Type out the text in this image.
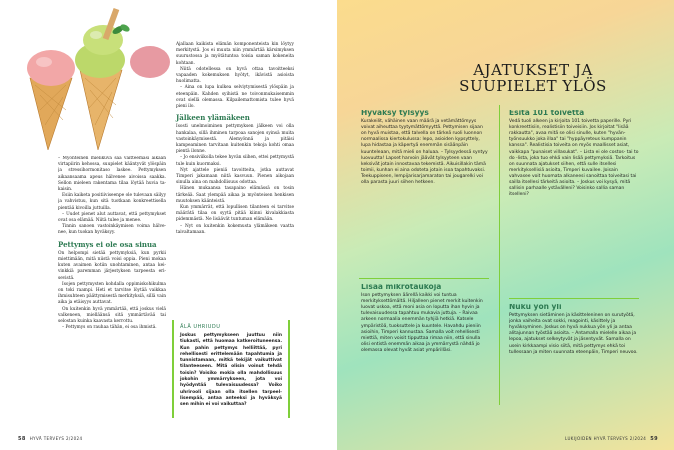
Ajallaan kaikista elämän komponenteista kin löytyy merkitystä. Jos ei muuta niin ymmärtää kärsimyksen suurustossa ja myötätuntoa toisia saman kokeneita kohtaan.

Niitä odotellessa on hyvä ottaa tavoitteeksi vapaaden kokemuksen hyötyt, ikävistä asioista huolimatta.

– Aina on lupa kulkea selviytymisestä ylöspäin ja eteenpäin. Kahden syihistä ne toivonmukaisemmin ovat siellä olemassa. Kilpailemattomista tulee hyvä pieni ilo.

Jälkeen ylämäkeen

Isosti unelmoiminen pettymyksen jälkeen voi olla hankalaa, sillä ihminen tarpoaa sanojen syinsä muita vastoinkäymisestä. Alemyönnä ja pitäisi kampeaminen tarvitaan kuitenkin tekoja kohti omaa pientä ilonne.

– Jo ensiviikolla tekee hyvän siihen, ettei pettymystä tule kuin kuormaksi.

Nyt ajattele pieniä tavoitteita, jotka auttavat Timperi jakamaan niitä kasvuun. Pienen aikojaan sinulla aina on mahdollisuus odottaa.

Hänen mukaansa tasapaino elämässä on tosin tärkeää. Saat ylempää aikaa ja myönteisen henkisen muutoksen käänteistä.

Kun ymmärrät, että lopullisen tilanteen ei tarvitse määrätä tilaa on syytä pitää kiinni kivalakkiasta pidemmästä. Ne lisäävät tuntuman elämään.

– Nyt on kuitenkin kokemusta ylämäkeen vaatta taivaltamaan.

– Myönteinen mielikuva saa väitteemäsi aikaan virtapiirin kehossa, suupielet kääntyvät ylöspäin ja stressihormonitaso laskee. Pettymyksen aikaansaama apeus hälvenee aivoissa saakka. Sellon mieleen rakentama tilaa löytää huvia takaisin.

Esiin kaiketa positiiviseenpe ole tulevaan säilyy ja vahvistuu, kun sitä tuotkaan konkreettisella pientää kivoilla juttuilla.

– Uudet pienet alut auttavat, että pettymykset ovat osa elämää. Niitä tulee ja menee.

Tinnin sanoen vastoinkäymisen voima hälvenee, kun tuokan hyväksyy.

Pettymys ei ole osa sinua

On helpompi sietää pettymyksiä, kun pyrkii miettimään, mitä niistä voisi oppia. Pieni mokaa kuten avaimen kotiin unohtaminen, antaa keivinkkiä paremman järjestyksen tarpeesta erisevistä.

Isojen pettymysten kohdalla oppimiskohikulma on toki raampi. Heti et tarvitse löytää vaikkaa ihmisuhteen päättymisestä merkityksiä, sillä vain aika ja etäisyys auttavat.

On kuitenkin hyvä ymmärtää, että joskus vielä valkeneen, mielläänsä sitä ymmärtävää tai selostan kuinka kaavasta kerrottu.

– Pettymys on rauhaa tähän, ei osa ihmistä.	ÄLÄ UHRIUDU
Joskus pettymykseen juuttuu niin tiukasti, että huomaa katkeroituneensa. Kun pahin pettymys helliittää, pyri rehellisesti erittelemään tapahtumia ja tunnistamaan, mitkä tekijät vaikuttivat tilanteeseen. Mitä olisin voinut tehdä toisin? Voisiko mokia olla mahdollisuus jokohin ymmärrykseen, jota voi hyödyntää tulevaisuudessa? Voiko uhrirooli sijaan olla itsellen tarpeellisempää, antaa anteeksi ja hyväksyä sen mihin ei voi vaikuttaa?
58 HYVÄ TERVEYS 2/2024
AJATUKSET JA
SUUPIELET YLÖS
Hyväksy tylsyys

Kurakeilit, vähäinen vaan määrä ja vetämättömyys voivat aiheuttaa tyytymättömyyttä. Pettymisen sijaan on hyvä muistaa, että talvella on tärkeä ruoli luonnon normaalissa kiertokulussa: lepo, asioiden kypsyttely, lupa hidastaa ja käpertyä enemmän sisäänpäin kuunteleaan, mitä mieli on haluaa. – Tylsyydessä syntyy luovuutta! Lapset harvoin jäävät tylsyyteen vaan keksivät jotain innostavaa tekemistä. Aikuisillakin tämä toimii, kunhan ei aina odoteta jotain isoa tapahtuvaksi. Teekuppiseen, lempijarisarjamaraton tai jougarelki voi olla parasta juuri siihen hetkeen.

Esitä 101 toivetta

Vedä tuoli alkeen ja kirjoita 101 toivetta paperille. Pyri konkreettisiin, realistisiin toiveisiin. Jos kirjoitat "lisää rakkautta", avaa mitä se olisi sinulle, kuten "hyväntyönsuukko joka illaa" tai "hyppäyreteus kumppanin kanssa". Realistisia toiveita on myös maallisset asiat, vaikkapa "punaiset villasukat". – Lista ei ole costos- tai to do -lista, joka tuo ehkä vain lisää pettymyksiä. Tarkoitus on suunnata ajatukset siihen, että sulle itsellesi merkityksellisiä asioita, Timperi kuvailee. Joisain vahvasee voit huomata alkaneesi sanoittaa toiveitasi tai saillа itsellesi tärkeitä asioita. – Joskus voi kysyä, mitä sallisin parhaalle ystävälleni? Voisinko sallia saman itselleni?

Lisää mikrotaukoja

Ison pettymyksen äärellä kaikki voi tuntua merkityksettömältä. Hiljalleen pienet merkit kuitenkin luovat uskoa, että moni asia on loputta ihan hyvin ja tulevaisuudessa tapahtuu mukavia juttuja. – Raivaa arkeen normaalia enemmän tyhjiä hetkiä. Katsele ympäristöä, tuoksuttele ja kuuntele. Havahdu pieniin asioihin, Timperi kannustaa. Samalla voit rehellisesti miettiä, miten voisit tipputtaa rimaa niin, että sinulla olisi entistä enemmän aikaa ja ymmärrystä nähdä jo olemassa olevat hyvät asiat ympärilläsi.

Nuku yön yli

Pettymyksen sietäminen ja käsitteleninen on surutyötä, jonka vaiheita ovat sokki, reagointi, käsittely ja hyväksyminen. Joskus on hyvä nukkua yön yli ja antaa alitajunnan työstää asioita. – Antamalla mielelle aikaa ja lepoa, ajatukset selkeytyvät ja jäsentyvät. Samalla on usein kirkkaampi visio siitä, mitä pettymys ehkä toi tullessaan ja miten suunnata eteenpäin, Timperi neuvoo.

LUKIJOIDEN HYVÄ TERVEYS 2/2024 59
